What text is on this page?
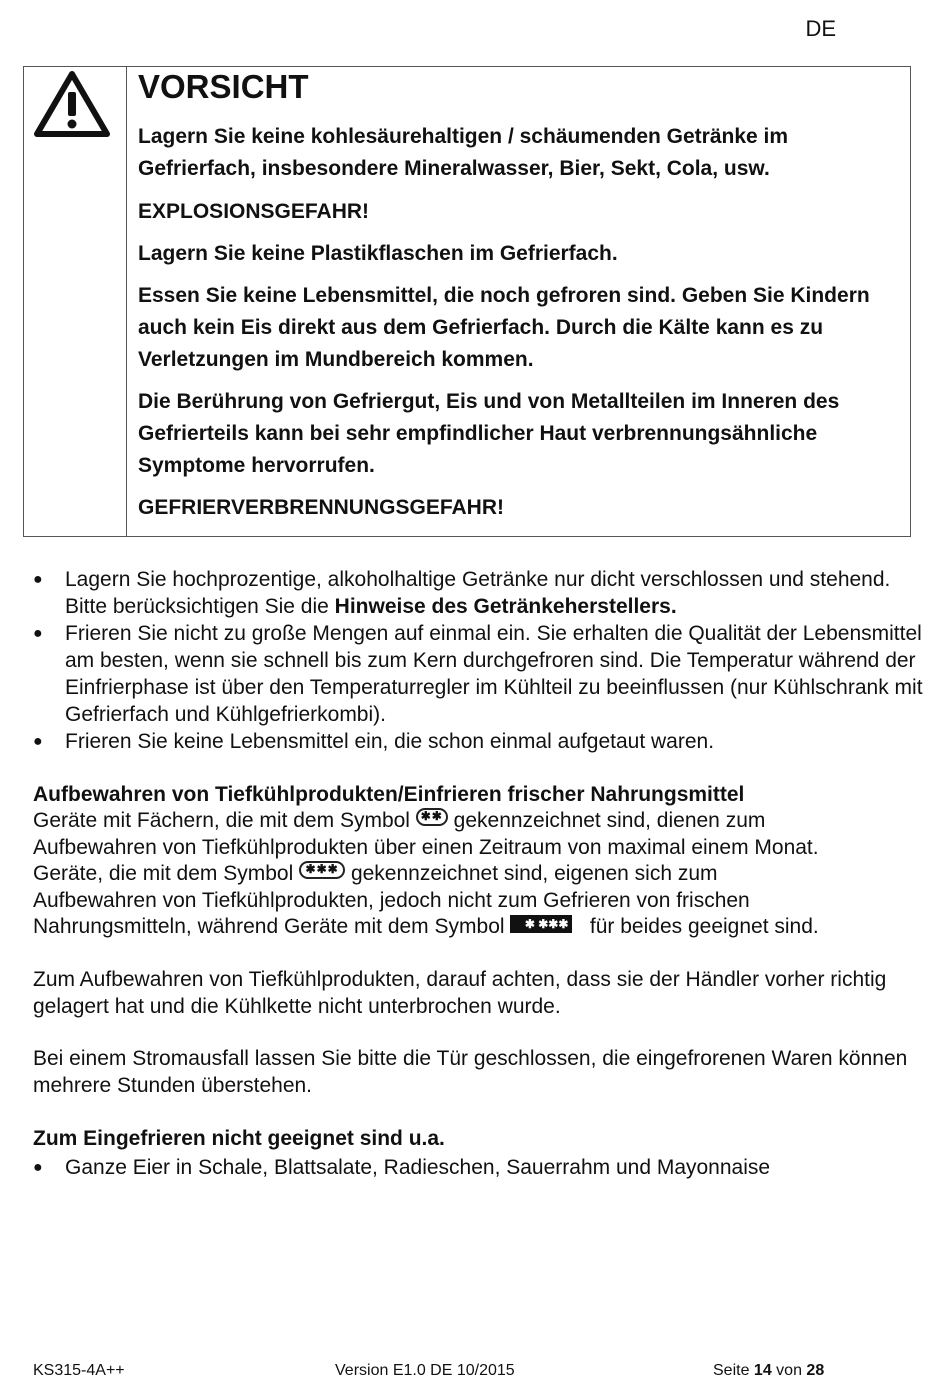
DE
VORSICHT

Lagern Sie keine kohlesäurehaltigen / schäumenden Getränke im Gefrierfach, insbesondere Mineralwasser, Bier, Sekt, Cola, usw.

EXPLOSIONSGEFAHR!

Lagern Sie keine Plastikflaschen im Gefrierfach.

Essen Sie keine Lebensmittel, die noch gefroren sind. Geben Sie Kindern auch kein Eis direkt aus dem Gefrierfach. Durch die Kälte kann es zu Verletzungen im Mundbereich kommen.

Die Berührung von Gefriergut, Eis und von Metallteilen im Inneren des Gefrierteils kann bei sehr empfindlicher Haut verbrennungsähnliche Symptome hervorrufen.

GEFRIERVERBRENNUNGSGEFAHR!

● Lagern Sie hochprozentige, alkoholhaltige Getränke nur dicht verschlossen und stehend. Bitte berücksichtigen Sie die Hinweise des Getränkeherstellers.
● Frieren Sie nicht zu große Mengen auf einmal ein. Sie erhalten die Qualität der Lebensmittel am besten, wenn sie schnell bis zum Kern durchgefroren sind. Die Temperatur während der Einfrierphase ist über den Temperaturregler im Kühlteil zu beeinflussen (nur Kühlschrank mit Gefrierfach und Kühlgefrierkombi).
● Frieren Sie keine Lebensmittel ein, die schon einmal aufgetaut waren.
Aufbewahren von Tiefkühlprodukten/Einfrieren frischer Nahrungsmittel
Geräte mit Fächern, die mit dem Symbol ✱✱ gekennzeichnet sind, dienen zum
Aufbewahren von Tiefkühlprodukten über einen Zeitraum von maximal einem Monat.
Geräte, die mit dem Symbol ✱✱✱ gekennzeichnet sind, eigenen sich zum
Aufbewahren von Tiefkühlprodukten, jedoch nicht zum Gefrieren von frischen
Nahrungsmitteln, während Geräte mit dem Symbol ✱ ✱✱✱ für beides geeignet sind.

Zum Aufbewahren von Tiefkühlprodukten, darauf achten, dass sie der Händler vorher richtig gelagert hat und die Kühlkette nicht unterbrochen wurde.

Bei einem Stromausfall lassen Sie bitte die Tür geschlossen, die eingefrorenen Waren können mehrere Stunden überstehen.

Zum Eingefrieren nicht geeignet sind u.a.
● Ganze Eier in Schale, Blattsalate, Radieschen, Sauerrahm und Mayonnaise
KS315-4A++	Version E1.0 DE 10/2015	Seite 14 von 28
